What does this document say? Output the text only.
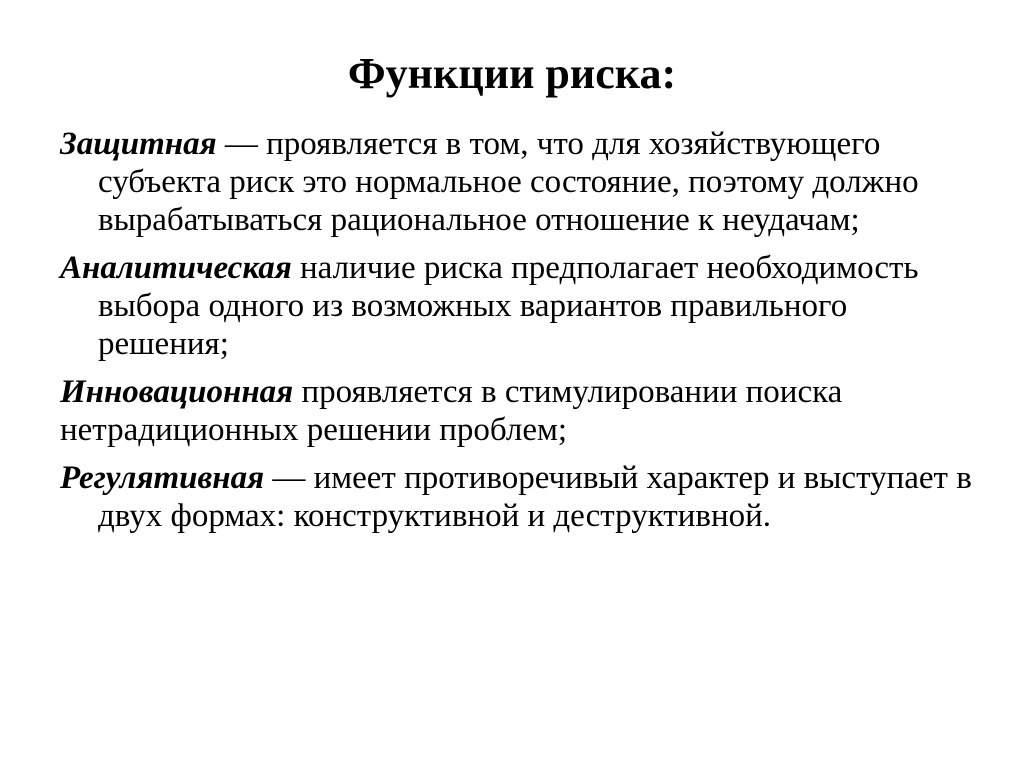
Функции риска:
Защитная — проявляется в том, что для хозяйствующего субъекта риск это нормальное состояние, поэтому должно вырабатываться рациональное отношение к неудачам;
Аналитическая наличие риска предполагает необходимость выбора одного из возможных вариантов правильного решения;
Инновационная проявляется в стимулировании поиска
нетрадиционных решении проблем;
Регулятивная — имеет противоречивый характер и выступает в двух формах: конструктивной и деструктивной.
